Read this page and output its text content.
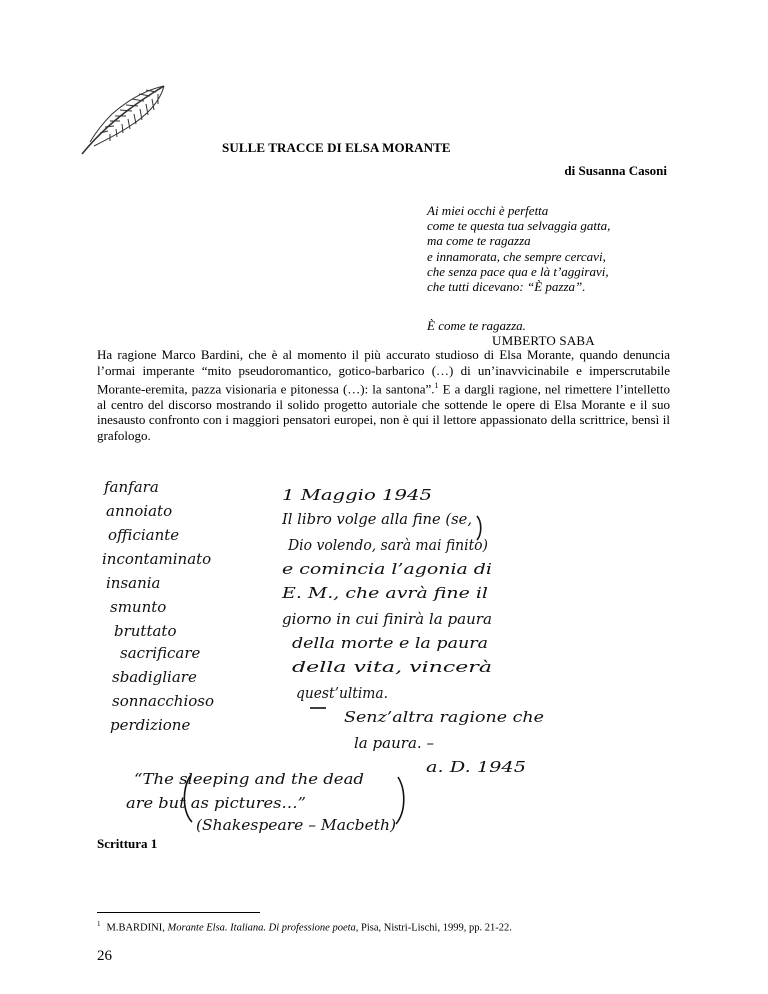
SULLE TRACCE DI ELSA MORANTE
di Susanna Casoni
Ai miei occhi è perfetta
come te questa tua selvaggia gatta,
ma come te ragazza
e innamorata, che sempre cercavi,
che senza pace qua e là t’aggiravi,
che tutti dicevano: “È pazza”.
È come te ragazza.
UMBERTO SABA
Ha ragione Marco Bardini, che è al momento il più accurato studioso di Elsa Morante, quando denuncia l’ormai imperante “mito pseudoromantico, gotico-barbarico (…) di un’inavvicinabile e imperscrutabile Morante-eremita, pazza visionaria e pitonessa (…): la santona”.$^1$ E a dargli ragione, nel rimettere l’intelletto al centro del discorso mostrando il solido progetto autoriale che sottende le opere di Elsa Morante e il suo inesausto confronto con i maggiori pensatori europei, non è qui il lettore appassionato della scrittrice, bensì il grafologo.
fanfara
annoiato
officiante
incontaminato
insania
smunto
bruttato
sacrificare
sbadigliare
sonnacchioso
perdizione
1 Maggio 1945
Il libro volge alla fine (se,
Dio volendo, sarà mai finito)
e comincia l’agonia di
E. M., che avrà fine il
giorno in cui finirà la paura
della morte e la paura
della vita, vincerà
quest’ultima.
Senz’altra ragione che
la paura. –
a. D. 1945
“The sleeping and the dead
are but as pictures…”
(Shakespeare – Macbeth)
Scrittura 1
$^1$ M.BARDINI, Morante Elsa. Italiana. Di professione poeta, Pisa, Nistri-Lischi, 1999, pp. 21-22.
26
